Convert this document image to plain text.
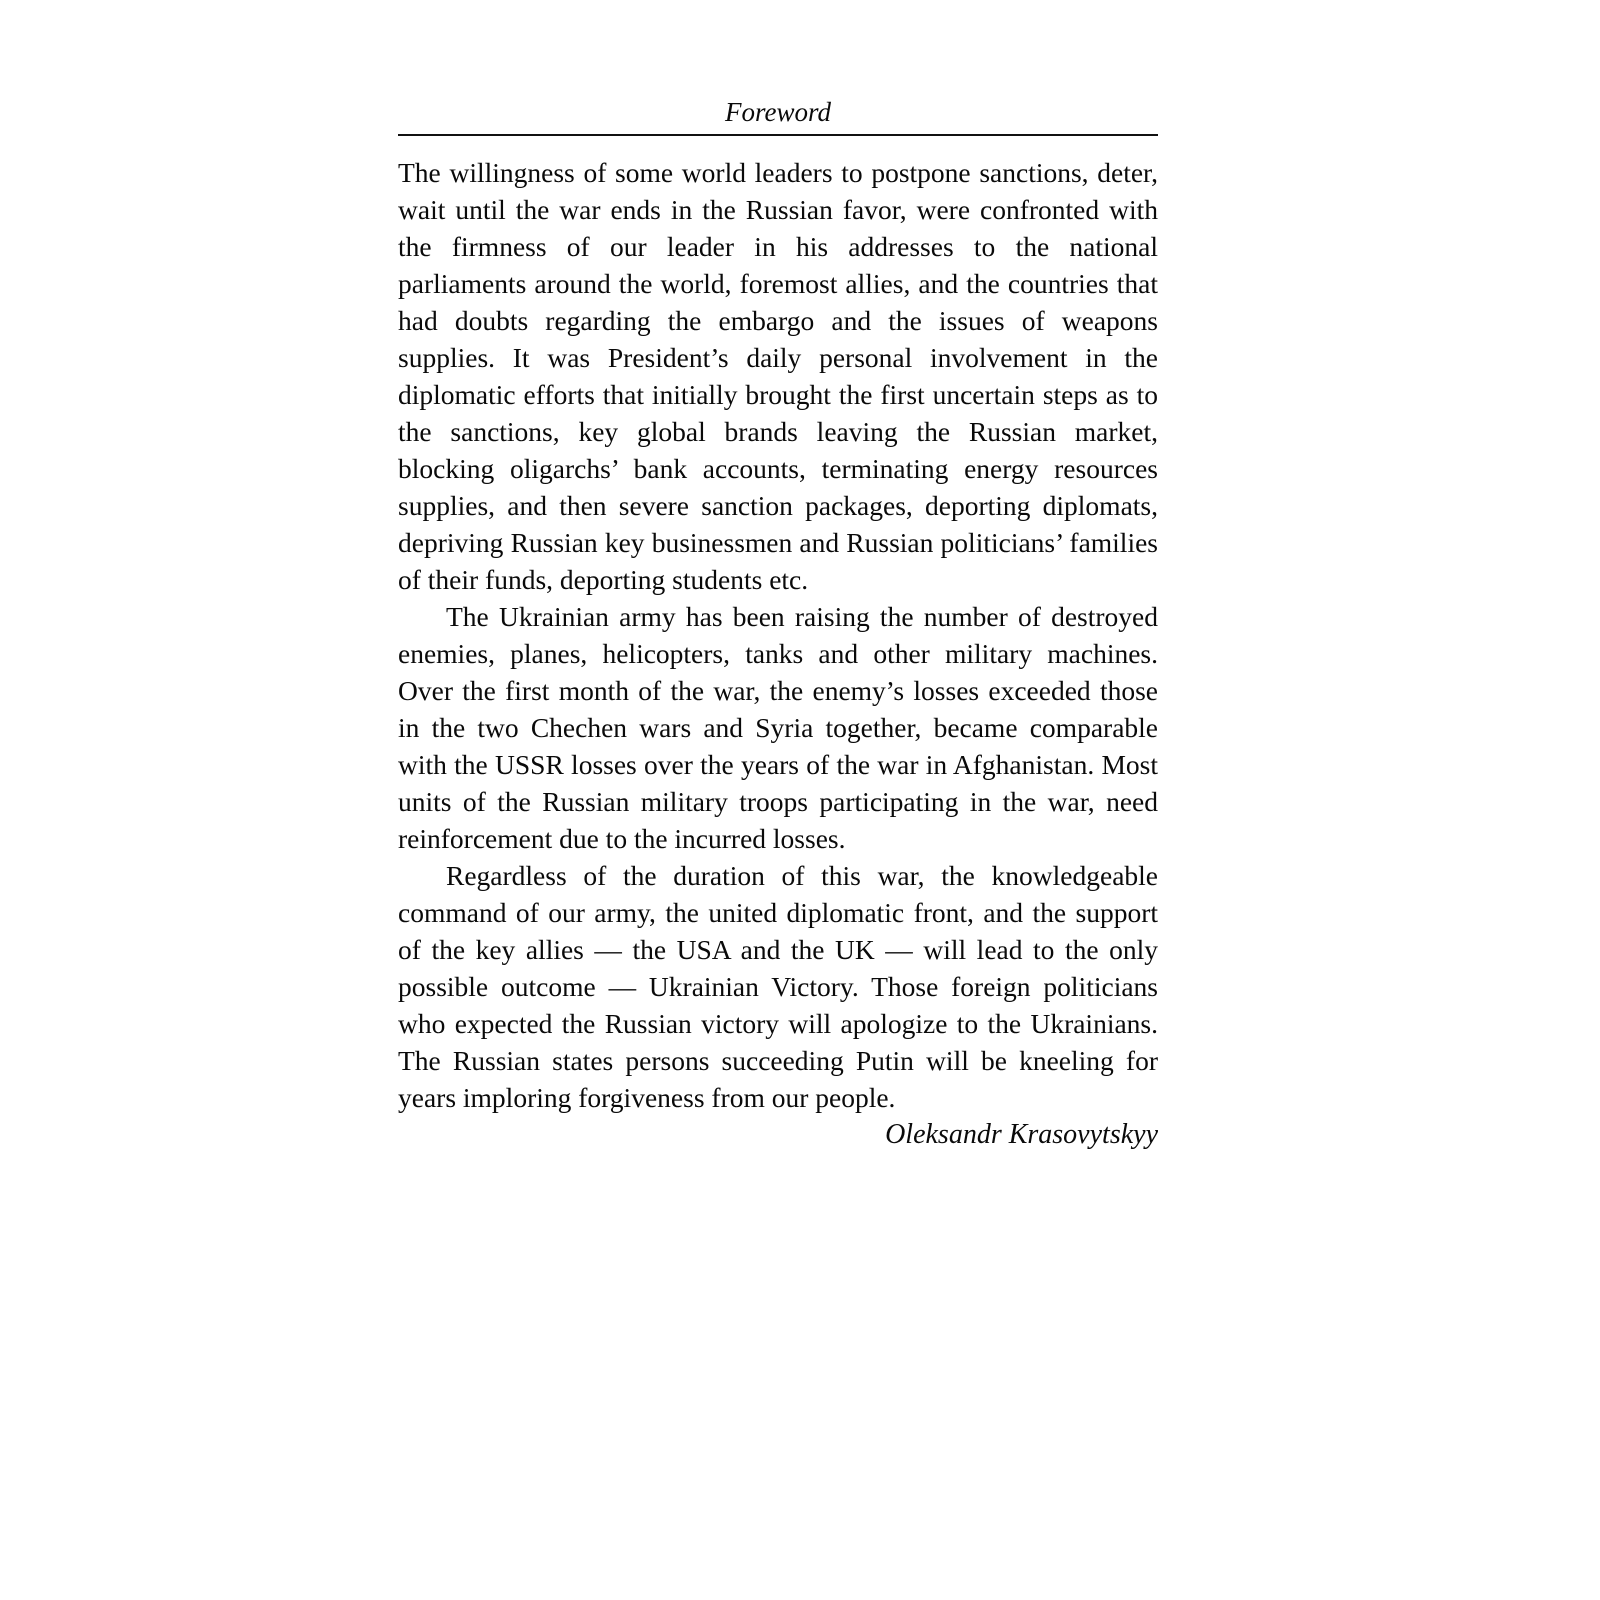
Foreword

The willingness of some world leaders to postpone sanctions, deter, wait until the war ends in the Russian favor, were confronted with the firmness of our leader in his addresses to the national parliaments around the world, foremost allies, and the countries that had doubts regarding the embargo and the issues of weapons supplies. It was President’s daily personal involvement in the diplomatic efforts that initially brought the first uncertain steps as to the sanctions, key global brands leaving the Russian market, blocking oligarchs’ bank accounts, terminating energy resources supplies, and then severe sanction packages, deporting diplomats, depriving Russian key businessmen and Russian politicians’ families of their funds, deporting students etc.

The Ukrainian army has been raising the number of destroyed enemies, planes, helicopters, tanks and other military machines. Over the first month of the war, the enemy’s losses exceeded those in the two Chechen wars and Syria together, became comparable with the USSR losses over the years of the war in Afghanistan. Most units of the Russian military troops participating in the war, need reinforcement due to the incurred losses.

Regardless of the duration of this war, the knowledgeable command of our army, the united diplomatic front, and the support of the key allies — the USA and the UK — will lead to the only possible outcome — Ukrainian Victory. Those foreign politicians who expected the Russian victory will apologize to the Ukrainians. The Russian states persons succeeding Putin will be kneeling for years imploring forgiveness from our people.

Oleksandr Krasovytskyy
